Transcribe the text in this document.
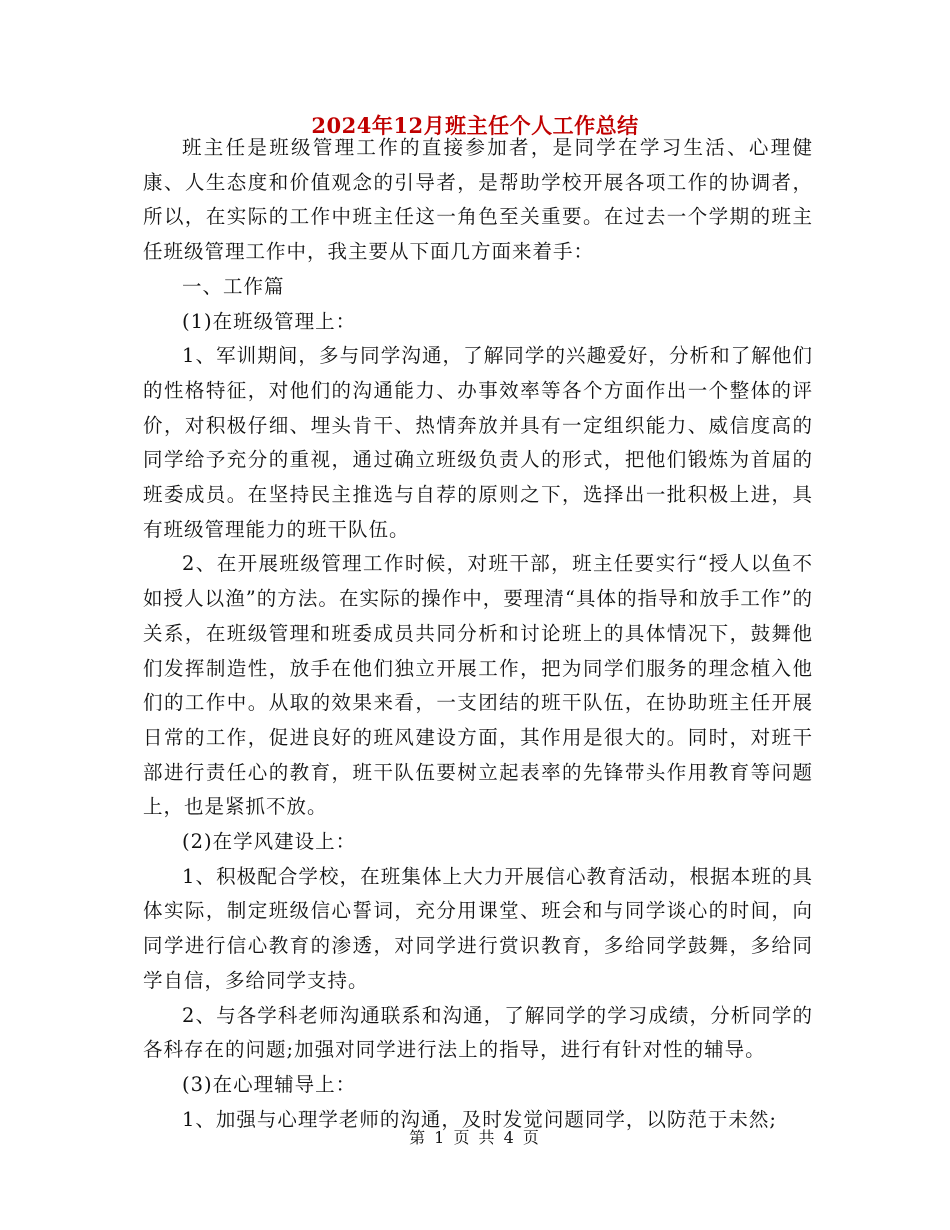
2024年12月班主任个人工作总结

班主任是班级管理工作的直接参加者，是同学在学习生活、心理健康、人生态度和价值观念的引导者，是帮助学校开展各项工作的协调者，所以，在实际的工作中班主任这一角色至关重要。在过去一个学期的班主任班级管理工作中，我主要从下面几方面来着手：

一、工作篇

(1)在班级管理上：

1、军训期间，多与同学沟通，了解同学的兴趣爱好，分析和了解他们的性格特征，对他们的沟通能力、办事效率等各个方面作出一个整体的评价，对积极仔细、埋头肯干、热情奔放并具有一定组织能力、威信度高的同学给予充分的重视，通过确立班级负责人的形式，把他们锻炼为首届的班委成员。在坚持民主推选与自荐的原则之下，选择出一批积极上进，具有班级管理能力的班干队伍。

2、在开展班级管理工作时候，对班干部，班主任要实行“授人以鱼不如授人以渔”的方法。在实际的操作中，要理清“具体的指导和放手工作”的关系，在班级管理和班委成员共同分析和讨论班上的具体情况下，鼓舞他们发挥制造性，放手在他们独立开展工作，把为同学们服务的理念植入他们的工作中。从取的效果来看，一支团结的班干队伍，在协助班主任开展日常的工作，促进良好的班风建设方面，其作用是很大的。同时，对班干部进行责任心的教育，班干队伍要树立起表率的先锋带头作用教育等问题上，也是紧抓不放。

(2)在学风建设上：

1、积极配合学校，在班集体上大力开展信心教育活动，根据本班的具体实际，制定班级信心誓词，充分用课堂、班会和与同学谈心的时间，向同学进行信心教育的渗透，对同学进行赏识教育，多给同学鼓舞，多给同学自信，多给同学支持。

2、与各学科老师沟通联系和沟通，了解同学的学习成绩，分析同学的各科存在的问题;加强对同学进行法上的指导，进行有针对性的辅导。

(3)在心理辅导上：

1、加强与心理学老师的沟通，及时发觉问题同学，以防范于未然;

第 1 页 共 4 页
